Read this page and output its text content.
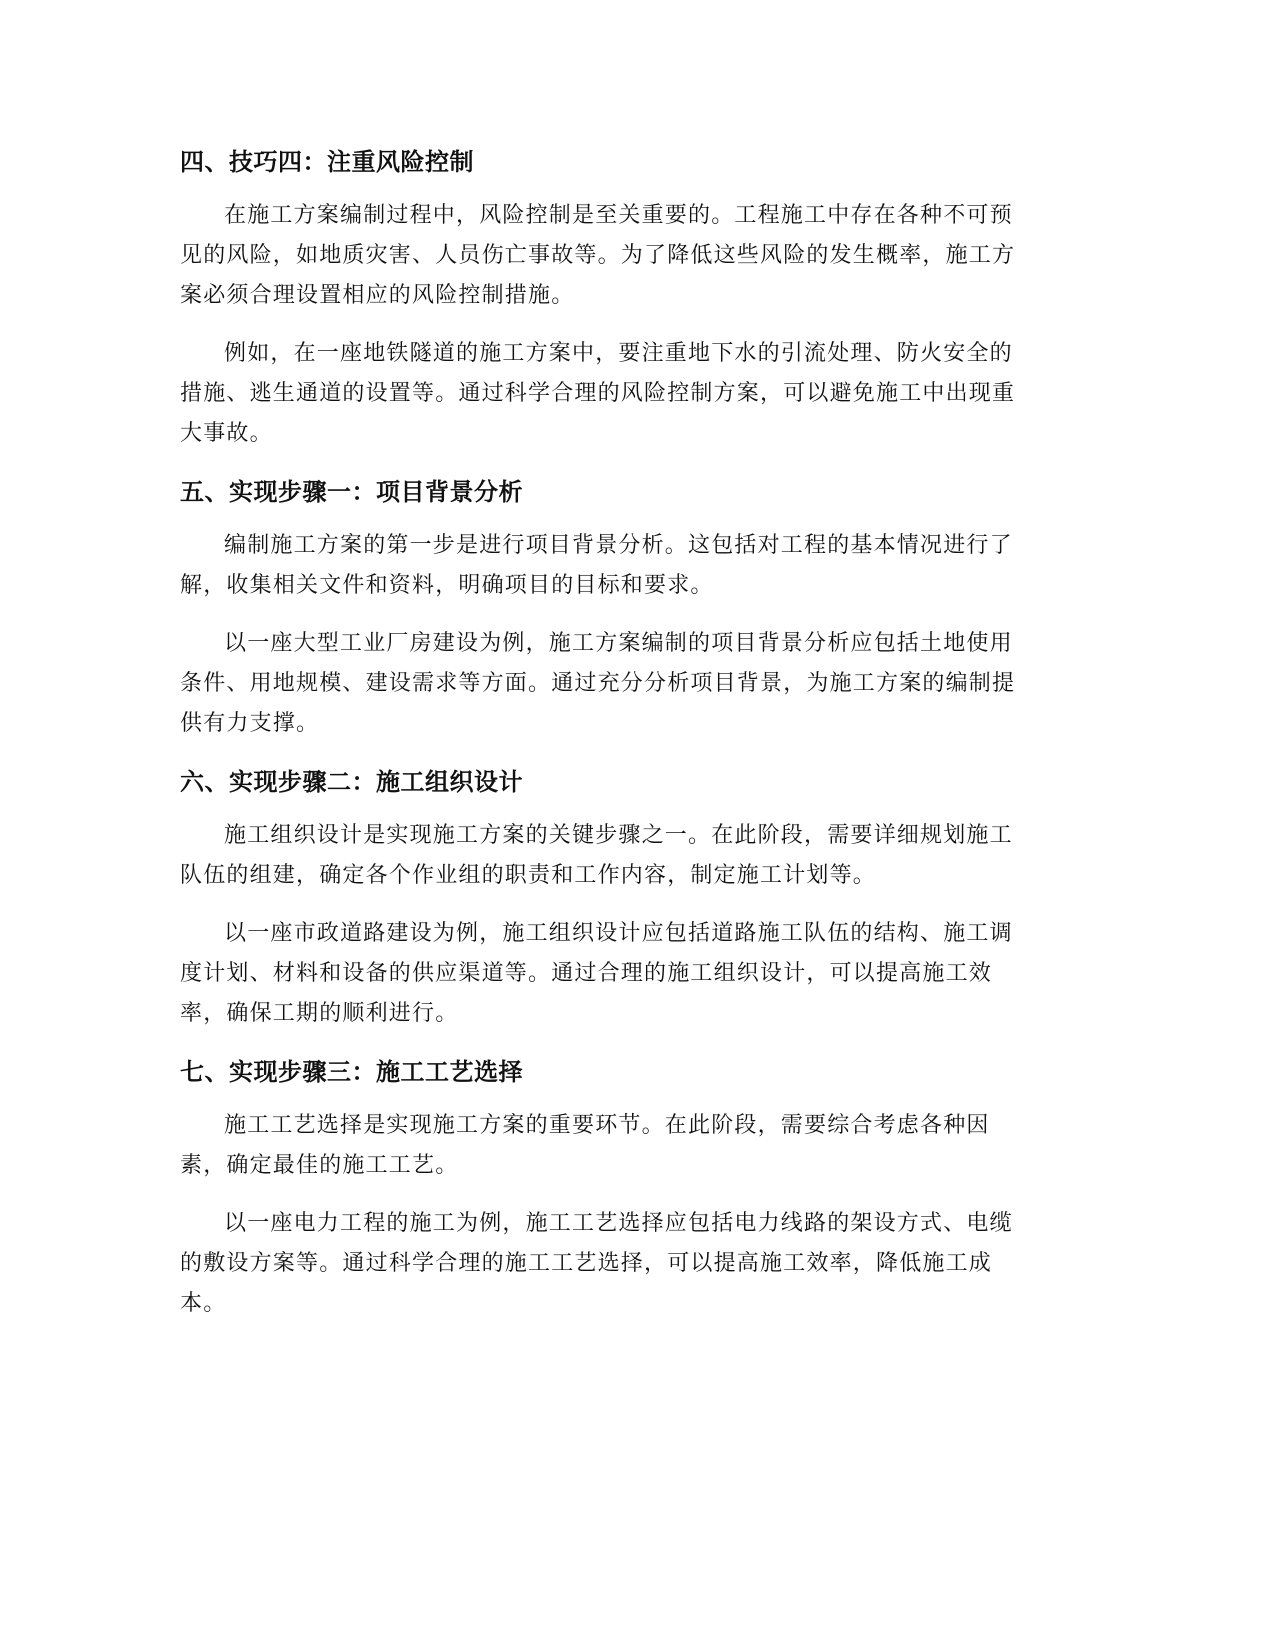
四、技巧四：注重风险控制

在施工方案编制过程中，风险控制是至关重要的。工程施工中存在各种不可预见的风险，如地质灾害、人员伤亡事故等。为了降低这些风险的发生概率，施工方案必须合理设置相应的风险控制措施。

例如，在一座地铁隧道的施工方案中，要注重地下水的引流处理、防火安全的措施、逃生通道的设置等。通过科学合理的风险控制方案，可以避免施工中出现重大事故。

五、实现步骤一：项目背景分析

编制施工方案的第一步是进行项目背景分析。这包括对工程的基本情况进行了解，收集相关文件和资料，明确项目的目标和要求。

以一座大型工业厂房建设为例，施工方案编制的项目背景分析应包括土地使用条件、用地规模、建设需求等方面。通过充分分析项目背景，为施工方案的编制提供有力支撑。

六、实现步骤二：施工组织设计

施工组织设计是实现施工方案的关键步骤之一。在此阶段，需要详细规划施工队伍的组建，确定各个作业组的职责和工作内容，制定施工计划等。

以一座市政道路建设为例，施工组织设计应包括道路施工队伍的结构、施工调度计划、材料和设备的供应渠道等。通过合理的施工组织设计，可以提高施工效率，确保工期的顺利进行。

七、实现步骤三：施工工艺选择

施工工艺选择是实现施工方案的重要环节。在此阶段，需要综合考虑各种因素，确定最佳的施工工艺。

以一座电力工程的施工为例，施工工艺选择应包括电力线路的架设方式、电缆的敷设方案等。通过科学合理的施工工艺选择，可以提高施工效率，降低施工成本。
